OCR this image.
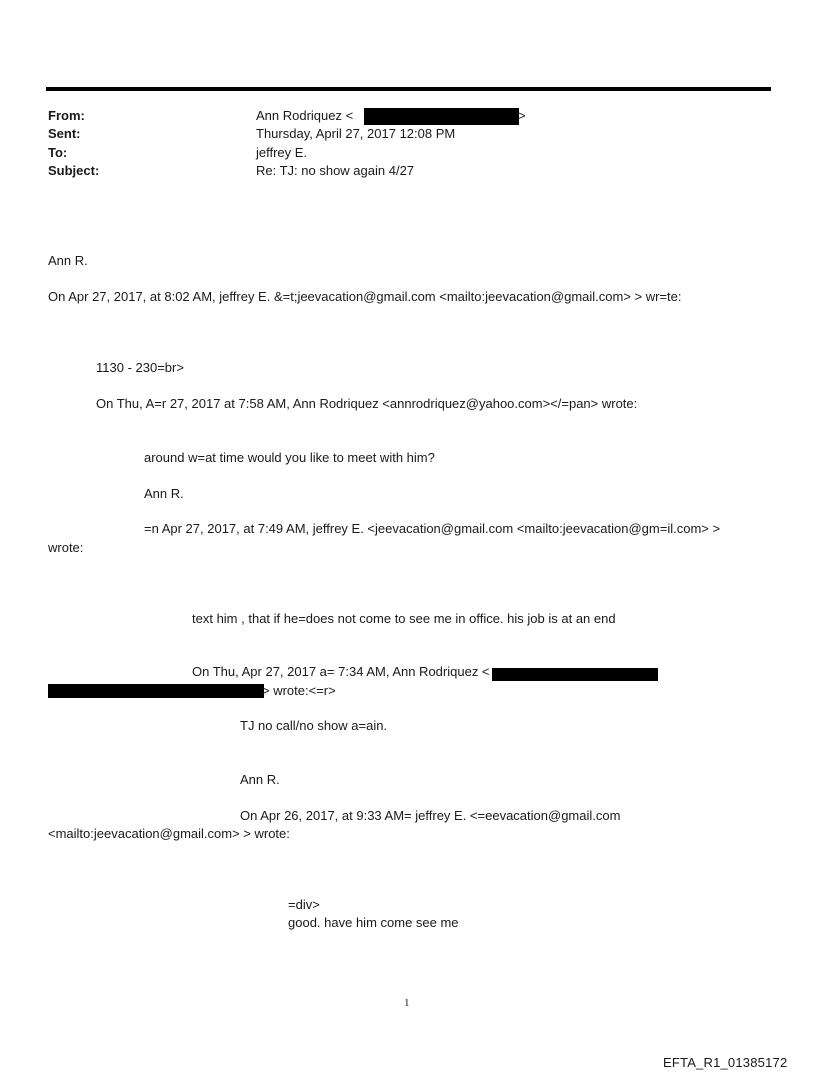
From:	Ann Rodriquez <	>
Sent:	Thursday, April 27, 2017 12:08 PM
To:	jeffrey E.
Subject:	Re: TJ: no show again 4/27
Ann R.
On Apr 27, 2017, at 8:02 AM, jeffrey E. &=t;jeevacation@gmail.com <mailto:jeevacation@gmail.com> > wr=te:
1130 - 230=br>
On Thu, A=r 27, 2017 at 7:58 AM, Ann Rodriquez <annrodriquez@yahoo.com></=pan> wrote:
around w=at time would you like to meet with him?
Ann R.
=n Apr 27, 2017, at 7:49 AM, jeffrey E. <jeevacation@gmail.com <mailto:jeevacation@gm=il.com> >
wrote:
text him , that if he=does not come to see me in office. his job is at an end
On Thu, Apr 27, 2017 a= 7:34 AM, Ann Rodriquez <
> wrote:<=r>
TJ no call/no show a=ain.
Ann R.
On Apr 26, 2017, at 9:33 AM= jeffrey E. <=eevacation@gmail.com
<mailto:jeevacation@gmail.com> > wrote:
=div>
good. have him come see me
1
EFTA_R1_01385172
